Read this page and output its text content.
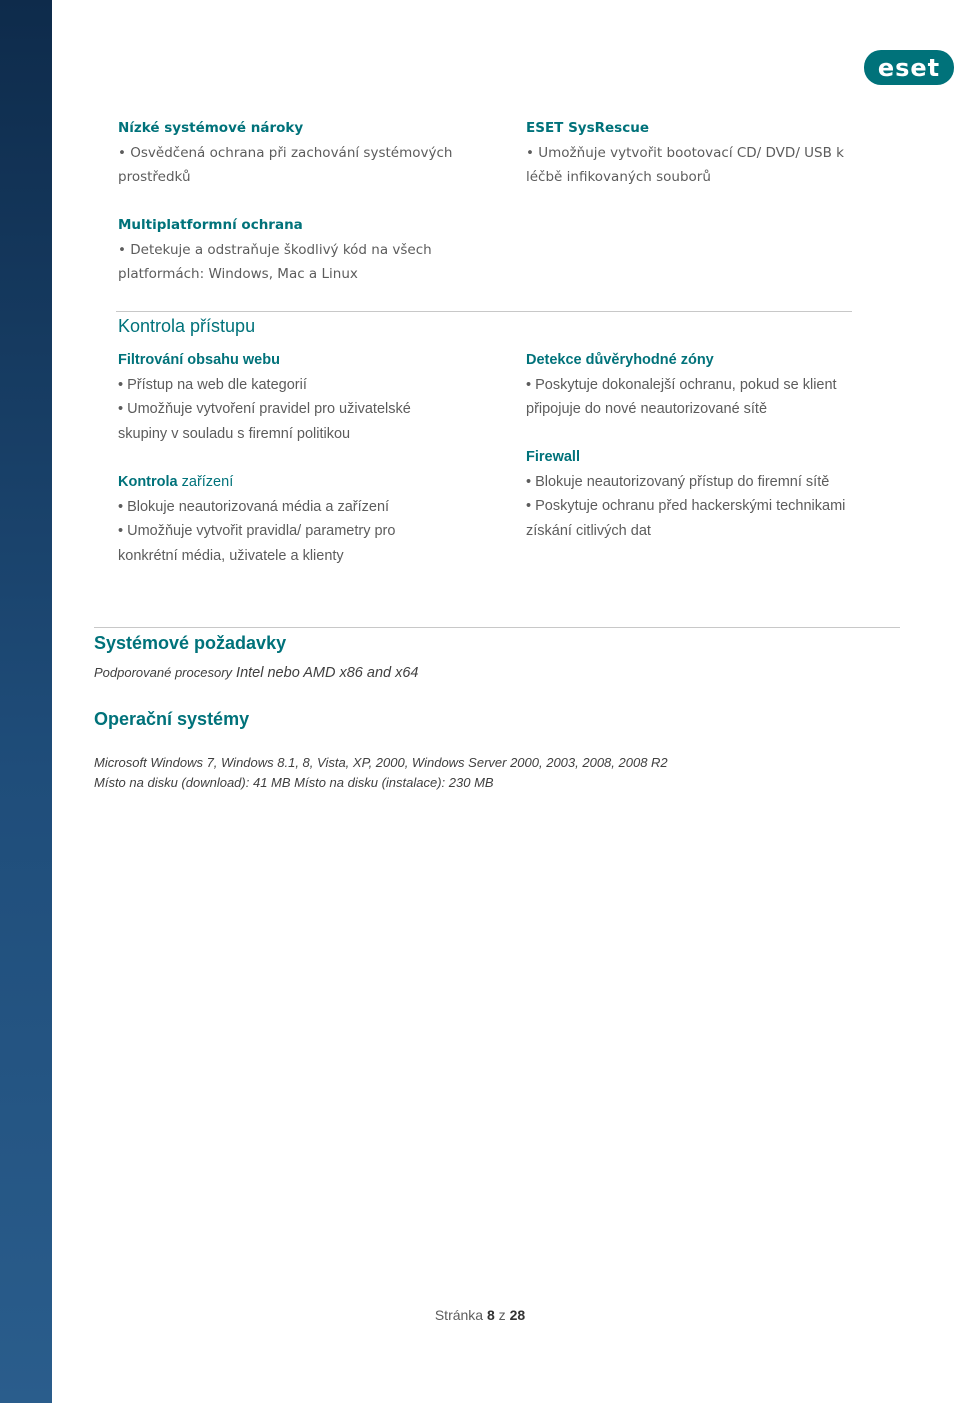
eset
Nízké systémové nároky
• Osvědčená ochrana při zachování systémových
prostředků
ESET SysRescue
• Umožňuje vytvořit bootovací CD/ DVD/ USB k
léčbě infikovaných souborů
Multiplatformní ochrana
• Detekuje a odstraňuje škodlivý kód na všech
platformách: Windows, Mac a Linux
Kontrola přístupu
Filtrování obsahu webu
• Přístup na web dle kategorií
• Umožňuje vytvoření pravidel pro uživatelské
skupiny v souladu s firemní politikou
Kontrola zařízení
• Blokuje neautorizovaná média a zařízení
• Umožňuje vytvořit pravidla/ parametry pro
konkrétní média, uživatele a klienty
Detekce důvěryhodné zóny
• Poskytuje dokonalejší ochranu, pokud se klient
připojuje do nové neautorizované sítě
Firewall
• Blokuje neautorizovaný přístup do firemní sítě
• Poskytuje ochranu před hackerskými technikami
získání citlivých dat
Systémové požadavky
Podporované procesory Intel nebo AMD x86 and x64
Operační systémy
Microsoft Windows 7, Windows 8.1, 8, Vista, XP, 2000, Windows Server 2000, 2003, 2008, 2008 R2
Místo na disku (download): 41 MB Místo na disku (instalace): 230 MB
Stránka 8 z 28
